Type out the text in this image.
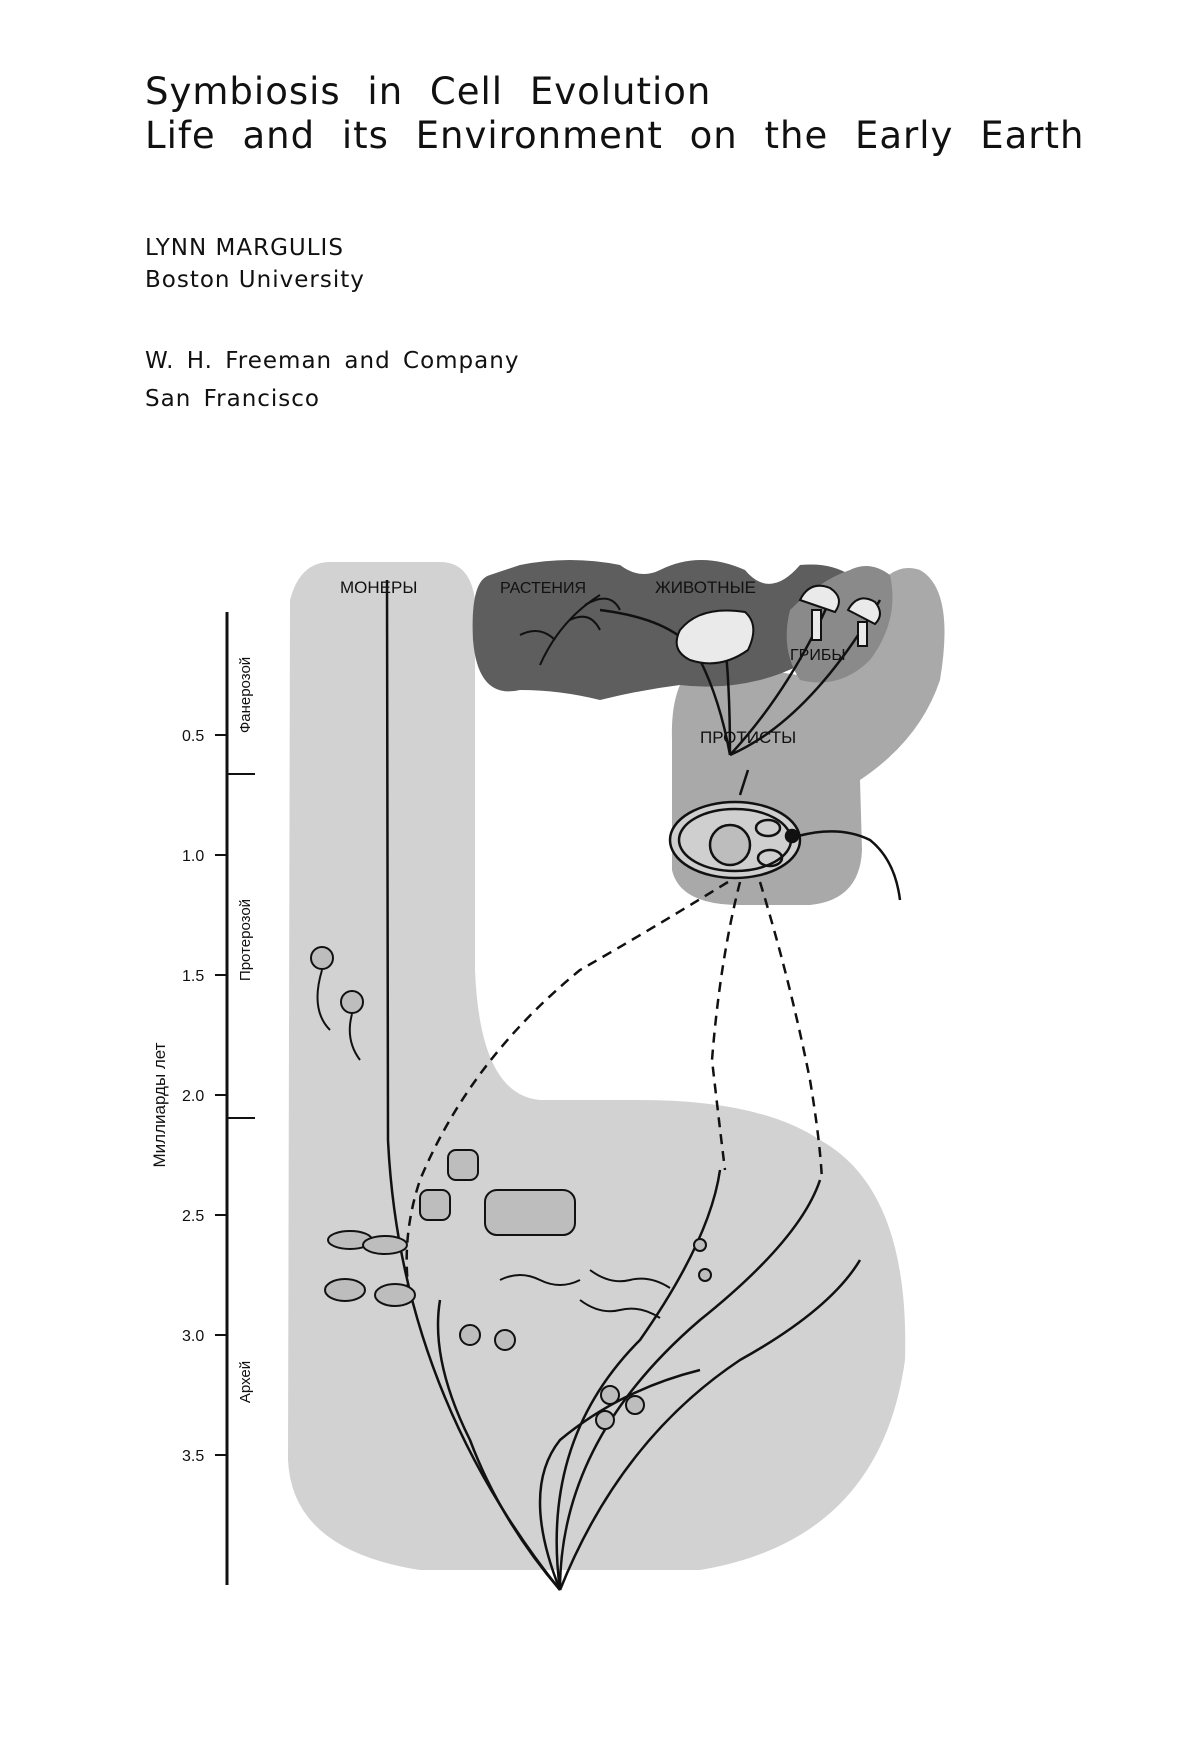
Symbiosis in Cell Evolution
Life and its Environment on the Early Earth
LYNN MARGULIS
Boston University
W. H. Freeman and Company
San Francisco
0.5
1.0
1.5
2.0
2.5
3.0
3.5
Миллиарды лет
Фанерозой
Протерозой
Архей
МОНЕРЫ	РАСТЕНИЯ	ЖИВОТНЫЕ
ГРИБЫ
ПРОТИСТЫ
